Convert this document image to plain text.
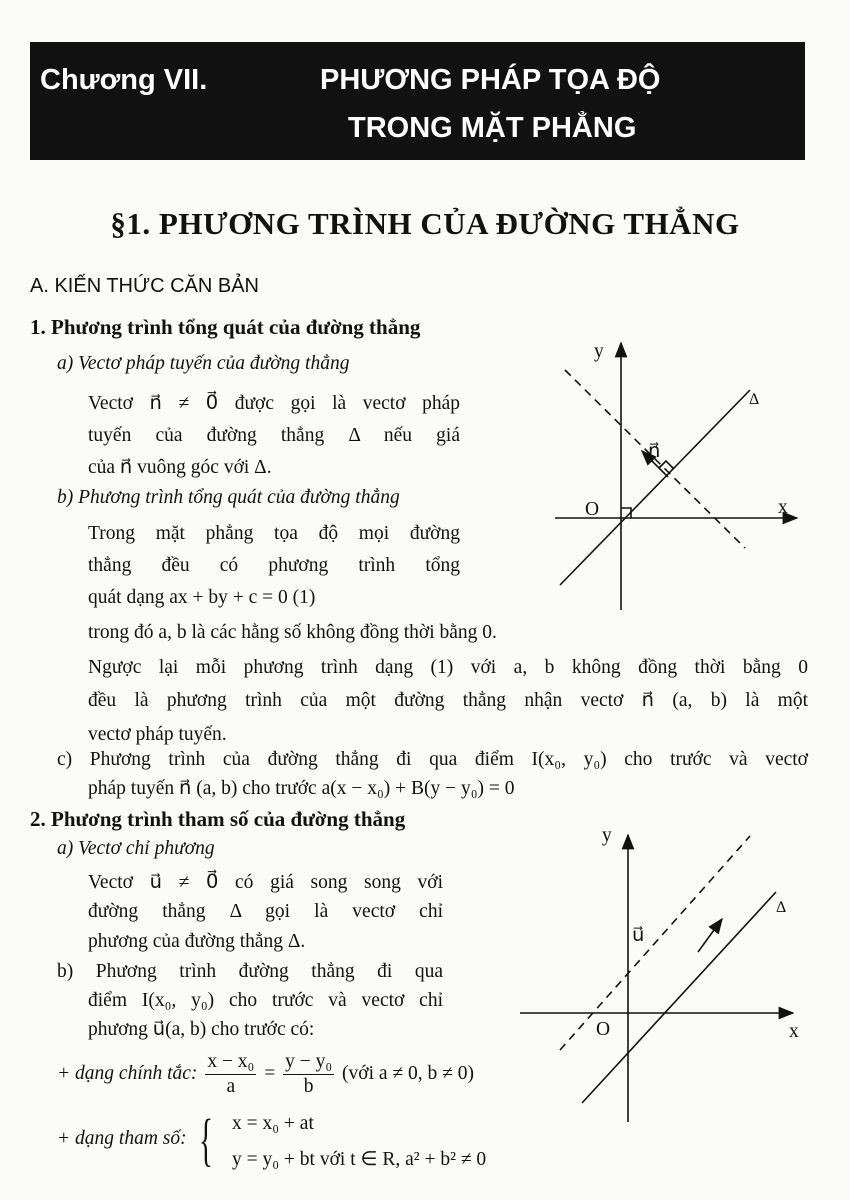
Chương VII.	PHƯƠNG PHÁP TỌA ĐỘ
TRONG MẶT PHẲNG
§1. PHƯƠNG TRÌNH CỦA ĐƯỜNG THẲNG
A. KIẾN THỨC CĂN BẢN
1. Phương trình tổng quát của đường thẳng
a) Vectơ pháp tuyến của đường thẳng
Vectơ n⃗ ≠ 0⃗ được gọi là vectơ pháp
tuyến của đường thẳng Δ nếu giá
của n⃗ vuông góc với Δ.
b) Phương trình tổng quát của đường thẳng
Trong mặt phẳng tọa độ mọi đường
thẳng đều có phương trình tổng
quát dạng ax + by + c = 0 (1)
trong đó a, b là các hằng số không đồng thời bằng 0.
Ngược lại mỗi phương trình dạng (1) với a, b không đồng thời bằng 0
đều là phương trình của một đường thẳng nhận vectơ n⃗ (a, b) là một
vectơ pháp tuyến.
c) Phương trình của đường thẳng đi qua điểm I(x₀, y₀) cho trước và vectơ
pháp tuyến n⃗ (a, b) cho trước a(x − x₀) + B(y − y₀) = 0
2. Phương trình tham số của đường thẳng
a) Vectơ chỉ phương
Vectơ u⃗ ≠ 0⃗ có giá song song với
đường thẳng Δ gọi là vectơ chỉ
phương của đường thẳng Δ.
b) Phương trình đường thẳng đi qua
điểm I(x₀, y₀) cho trước và vectơ chỉ
phương u⃗(a, b) cho trước có:
+ dạng chính tắc: $\frac{\text{x − x₀}}{a} = \frac{\text{y − y₀}}{b}$ (với a ≠ 0, b ≠ 0)
+ dạng tham số: {	x = x₀ + at
y = y₀ + bt với t ∈ R, a² + b² ≠ 0
y
x
O
Δ
n⃗
y
x
O
Δ
u⃗
